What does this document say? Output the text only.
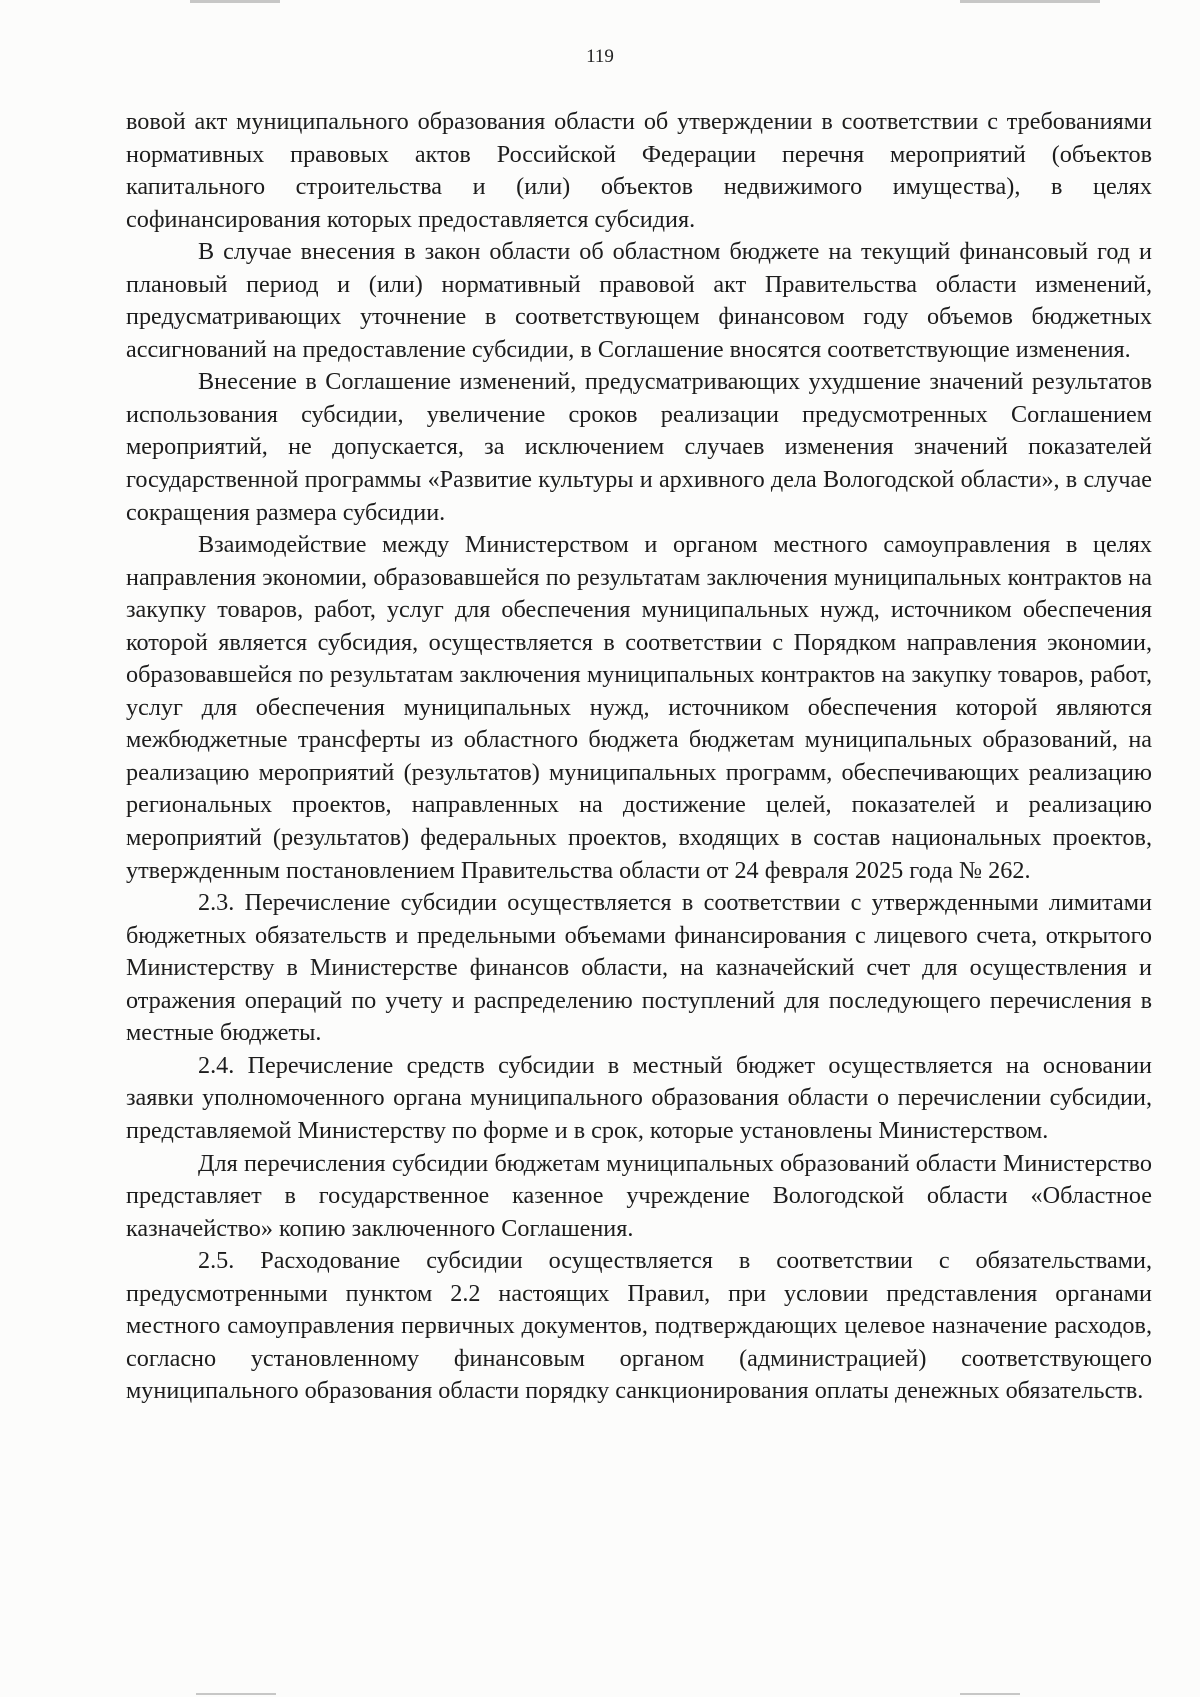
119

вовой акт муниципального образования области об утверждении в соответствии с требованиями нормативных правовых актов Российской Федерации перечня мероприятий (объектов капитального строительства и (или) объектов недвижимого имущества), в целях софинансирования которых предоставляется субсидия.

В случае внесения в закон области об областном бюджете на текущий финансовый год и плановый период и (или) нормативный правовой акт Правительства области изменений, предусматривающих уточнение в соответствующем финансовом году объемов бюджетных ассигнований на предоставление субсидии, в Соглашение вносятся соответствующие изменения.

Внесение в Соглашение изменений, предусматривающих ухудшение значений результатов использования субсидии, увеличение сроков реализации предусмотренных Соглашением мероприятий, не допускается, за исключением случаев изменения значений показателей государственной программы «Развитие культуры и архивного дела Вологодской области», в случае сокращения размера субсидии.

Взаимодействие между Министерством и органом местного самоуправления в целях направления экономии, образовавшейся по результатам заключения муниципальных контрактов на закупку товаров, работ, услуг для обеспечения муниципальных нужд, источником обеспечения которой является субсидия, осуществляется в соответствии с Порядком направления экономии, образовавшейся по результатам заключения муниципальных контрактов на закупку товаров, работ, услуг для обеспечения муниципальных нужд, источником обеспечения которой являются межбюджетные трансферты из областного бюджета бюджетам муниципальных образований, на реализацию мероприятий (результатов) муниципальных программ, обеспечивающих реализацию региональных проектов, направленных на достижение целей, показателей и реализацию мероприятий (результатов) федеральных проектов, входящих в состав национальных проектов, утвержденным постановлением Правительства области от 24 февраля 2025 года № 262.

2.3. Перечисление субсидии осуществляется в соответствии с утвержденными лимитами бюджетных обязательств и предельными объемами финансирования с лицевого счета, открытого Министерству в Министерстве финансов области, на казначейский счет для осуществления и отражения операций по учету и распределению поступлений для последующего перечисления в местные бюджеты.

2.4. Перечисление средств субсидии в местный бюджет осуществляется на основании заявки уполномоченного органа муниципального образования области о перечислении субсидии, представляемой Министерству по форме и в срок, которые установлены Министерством.

Для перечисления субсидии бюджетам муниципальных образований области Министерство представляет в государственное казенное учреждение Вологодской области «Областное казначейство» копию заключенного Соглашения.

2.5. Расходование субсидии осуществляется в соответствии с обязательствами, предусмотренными пунктом 2.2 настоящих Правил, при условии представления органами местного самоуправления первичных документов, подтверждающих целевое назначение расходов, согласно установленному финансовым органом (администрацией) соответствующего муниципального образования области порядку санкционирования оплаты денежных обязательств.
